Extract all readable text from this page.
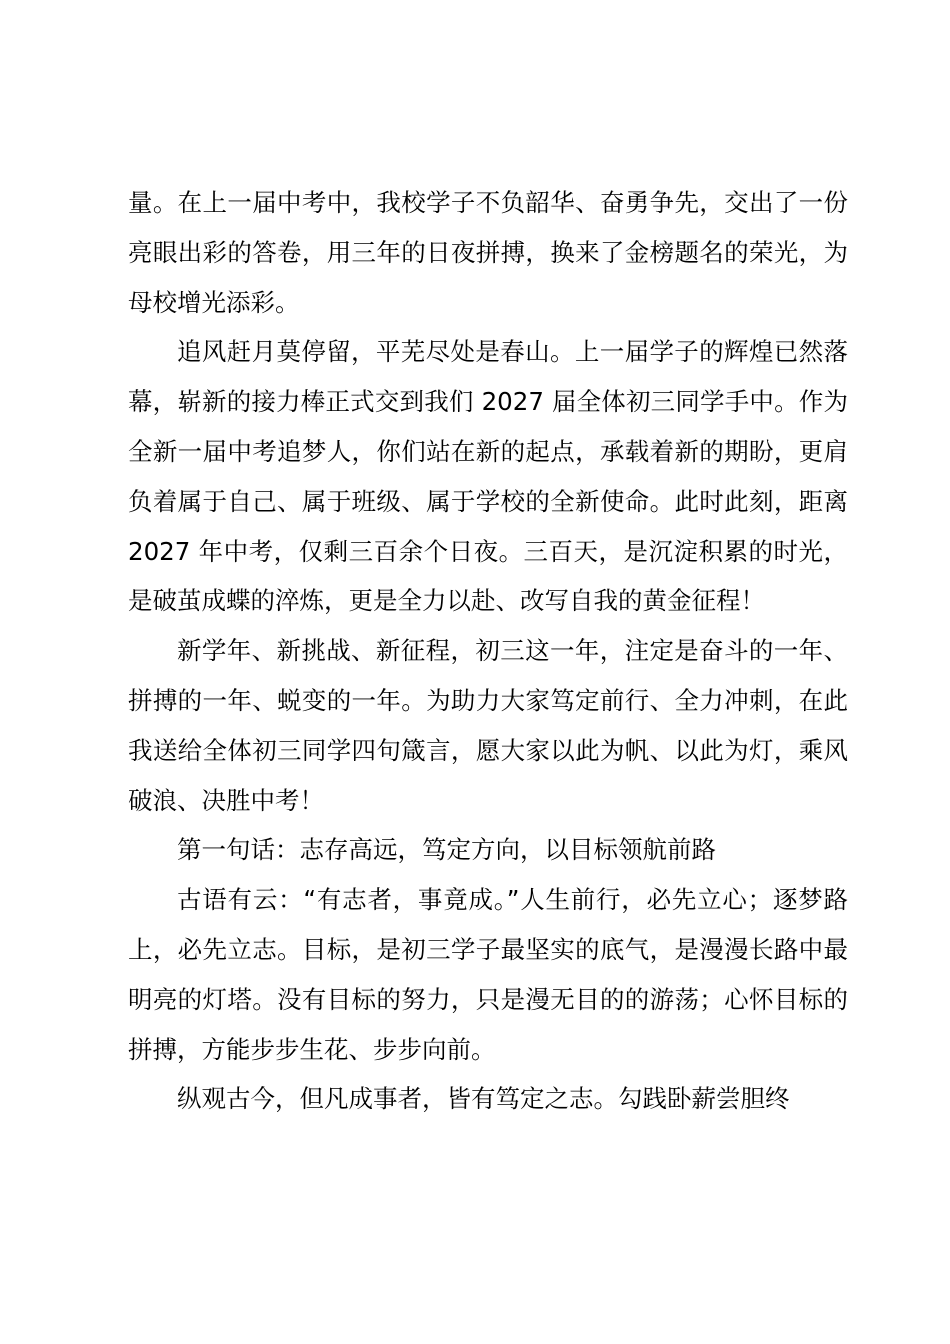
量。在上一届中考中，我校学子不负韶华、奋勇争先，交出了一份亮眼出彩的答卷，用三年的日夜拼搏，换来了金榜题名的荣光，为母校增光添彩。

追风赶月莫停留，平芜尽处是春山。上一届学子的辉煌已然落幕，崭新的接力棒正式交到我们 2027 届全体初三同学手中。作为全新一届中考追梦人，你们站在新的起点，承载着新的期盼，更肩负着属于自己、属于班级、属于学校的全新使命。此时此刻，距离 2027 年中考，仅剩三百余个日夜。三百天，是沉淀积累的时光，是破茧成蝶的淬炼，更是全力以赴、改写自我的黄金征程！

新学年、新挑战、新征程，初三这一年，注定是奋斗的一年、拼搏的一年、蜕变的一年。为助力大家笃定前行、全力冲刺，在此我送给全体初三同学四句箴言，愿大家以此为帆、以此为灯，乘风破浪、决胜中考！

第一句话：志存高远，笃定方向，以目标领航前路

古语有云：“有志者，事竟成。”人生前行，必先立心；逐梦路上，必先立志。目标，是初三学子最坚实的底气，是漫漫长路中最明亮的灯塔。没有目标的努力，只是漫无目的的游荡；心怀目标的拼搏，方能步步生花、步步向前。

纵观古今，但凡成事者，皆有笃定之志。勾践卧薪尝胆终
